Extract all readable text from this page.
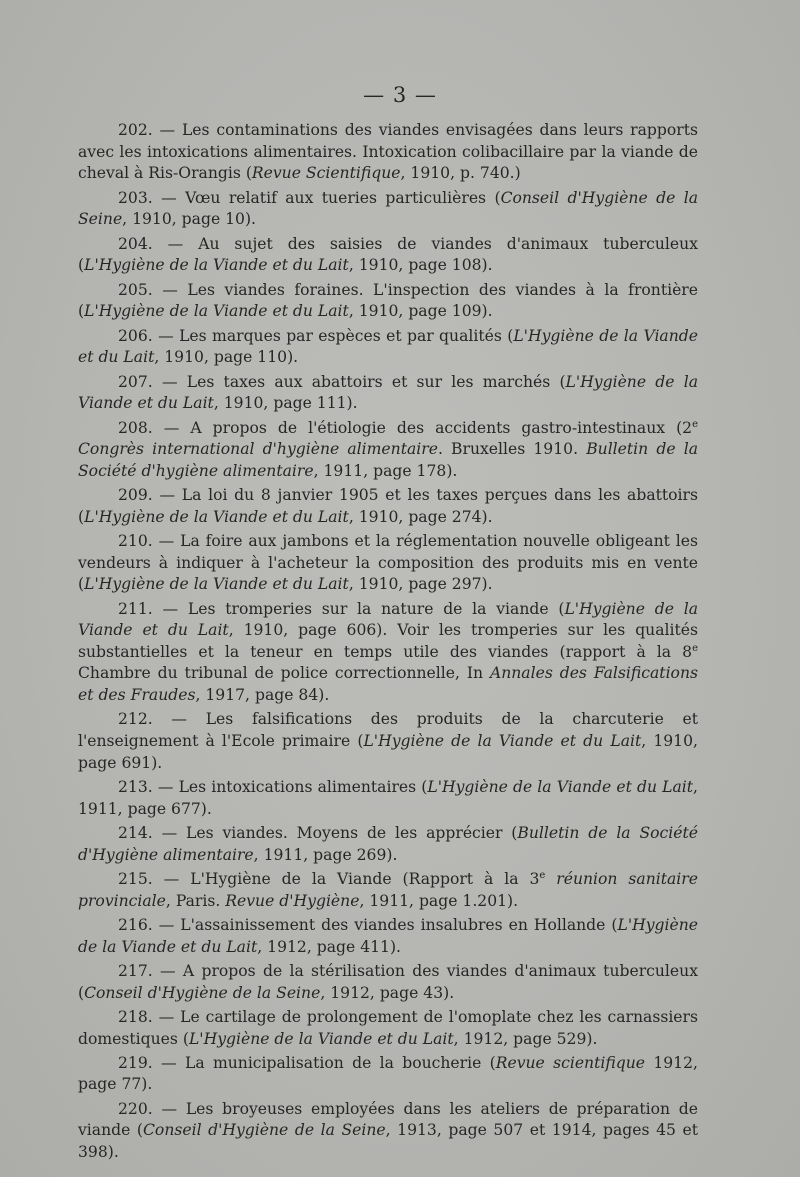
— 3 —

202. — Les contaminations des viandes envisagées dans leurs rapports avec les intoxications alimentaires. Intoxication colibacillaire par la viande de cheval à Ris-Orangis (Revue Scientifique, 1910, p. 740.)

203. — Vœu relatif aux tueries particulières (Conseil d'Hygiène de la Seine, 1910, page 10).

204. — Au sujet des saisies de viandes d'animaux tuberculeux (L'Hygiène de la Viande et du Lait, 1910, page 108).

205. — Les viandes foraines. L'inspection des viandes à la frontière (L'Hygiène de la Viande et du Lait, 1910, page 109).

206. — Les marques par espèces et par qualités (L'Hygiène de la Viande et du Lait, 1910, page 110).

207. — Les taxes aux abattoirs et sur les marchés (L'Hygiène de la Viande et du Lait, 1910, page 111).

208. — A propos de l'étiologie des accidents gastro-intestinaux (2e Congrès international d'hygiène alimentaire. Bruxelles 1910. Bulletin de la Société d'hygiène alimentaire, 1911, page 178).

209. — La loi du 8 janvier 1905 et les taxes perçues dans les abattoirs (L'Hygiène de la Viande et du Lait, 1910, page 274).

210. — La foire aux jambons et la réglementation nouvelle obligeant les vendeurs à indiquer à l'acheteur la composition des produits mis en vente (L'Hygiène de la Viande et du Lait, 1910, page 297).

211. — Les tromperies sur la nature de la viande (L'Hygiène de la Viande et du Lait, 1910, page 606). Voir les tromperies sur les qualités substantielles et la teneur en temps utile des viandes (rapport à la 8e Chambre du tribunal de police correctionnelle, In Annales des Falsifications et des Fraudes, 1917, page 84).

212. — Les falsifications des produits de la charcuterie et l'enseignement à l'Ecole primaire (L'Hygiène de la Viande et du Lait, 1910, page 691).

213. — Les intoxications alimentaires (L'Hygiène de la Viande et du Lait, 1911, page 677).

214. — Les viandes. Moyens de les apprécier (Bulletin de la Société d'Hygiène alimentaire, 1911, page 269).

215. — L'Hygiène de la Viande (Rapport à la 3e réunion sanitaire provinciale, Paris. Revue d'Hygiène, 1911, page 1.201).

216. — L'assainissement des viandes insalubres en Hollande (L'Hygiène de la Viande et du Lait, 1912, page 411).

217. — A propos de la stérilisation des viandes d'animaux tuberculeux (Conseil d'Hygiène de la Seine, 1912, page 43).

218. — Le cartilage de prolongement de l'omoplate chez les carnassiers domestiques (L'Hygiène de la Viande et du Lait, 1912, page 529).

219. — La municipalisation de la boucherie (Revue scientifique 1912, page 77).

220. — Les broyeuses employées dans les ateliers de préparation de viande (Conseil d'Hygiène de la Seine, 1913, page 507 et 1914, pages 45 et 398).
